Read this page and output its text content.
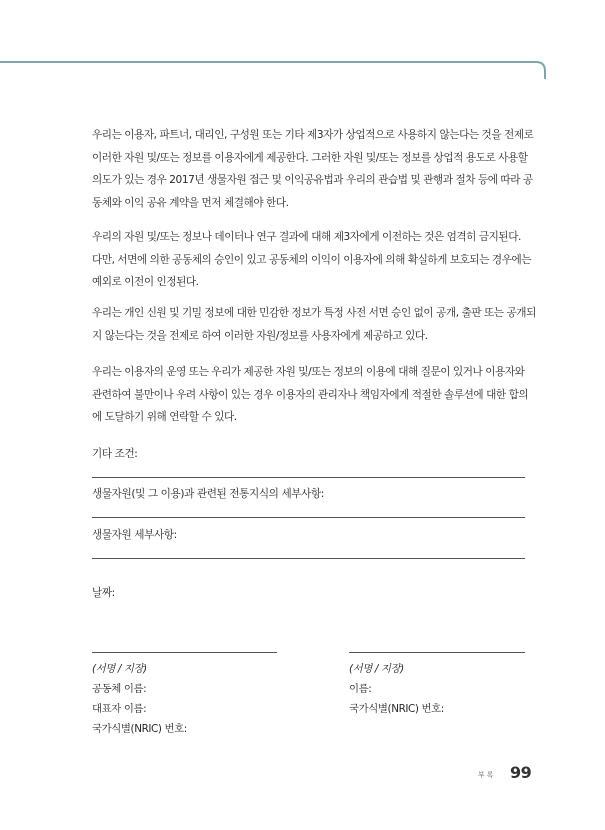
우리는 이용자, 파트너, 대리인, 구성원 또는 기타 제3자가 상업적으로 사용하지 않는다는 것을 전제로
이러한 자원 및/또는 정보를 이용자에게 제공한다. 그러한 자원 및/또는 정보를 상업적 용도로 사용할
의도가 있는 경우 2017년 생물자원 접근 및 이익공유법과 우리의 관습법 및 관행과 절차 등에 따라 공
동체와 이익 공유 계약을 먼저 체결해야 한다.

우리의 자원 및/또는 정보나 데이터나 연구 결과에 대해 제3자에게 이전하는 것은 엄격히 금지된다.
다만, 서면에 의한 공동체의 승인이 있고 공동체의 이익이 이용자에 의해 확실하게 보호되는 경우에는
예외로 이전이 인정된다.

우리는 개인 신원 및 기밀 정보에 대한 민감한 정보가 특정 사전 서면 승인 없이 공개, 출판 또는 공개되
지 않는다는 것을 전제로 하여 이러한 자원/정보를 사용자에게 제공하고 있다.

우리는 이용자의 운영 또는 우리가 제공한 자원 및/또는 정보의 이용에 대해 질문이 있거나 이용자와
관련하여 불만이나 우려 사항이 있는 경우 이용자의 관리자나 책임자에게 적절한 솔루션에 대한 합의
에 도달하기 위해 연락할 수 있다.

기타 조건:
생물자원(및 그 이용)과 관련된 전통지식의 세부사항:
생물자원 세부사항:
날짜:
(서명 / 지장)
공동체 이름:
대표자 이름:
국가식별(NRIC) 번호:
(서명 / 지장)
이름:
국가식별(NRIC) 번호:
부록 99
